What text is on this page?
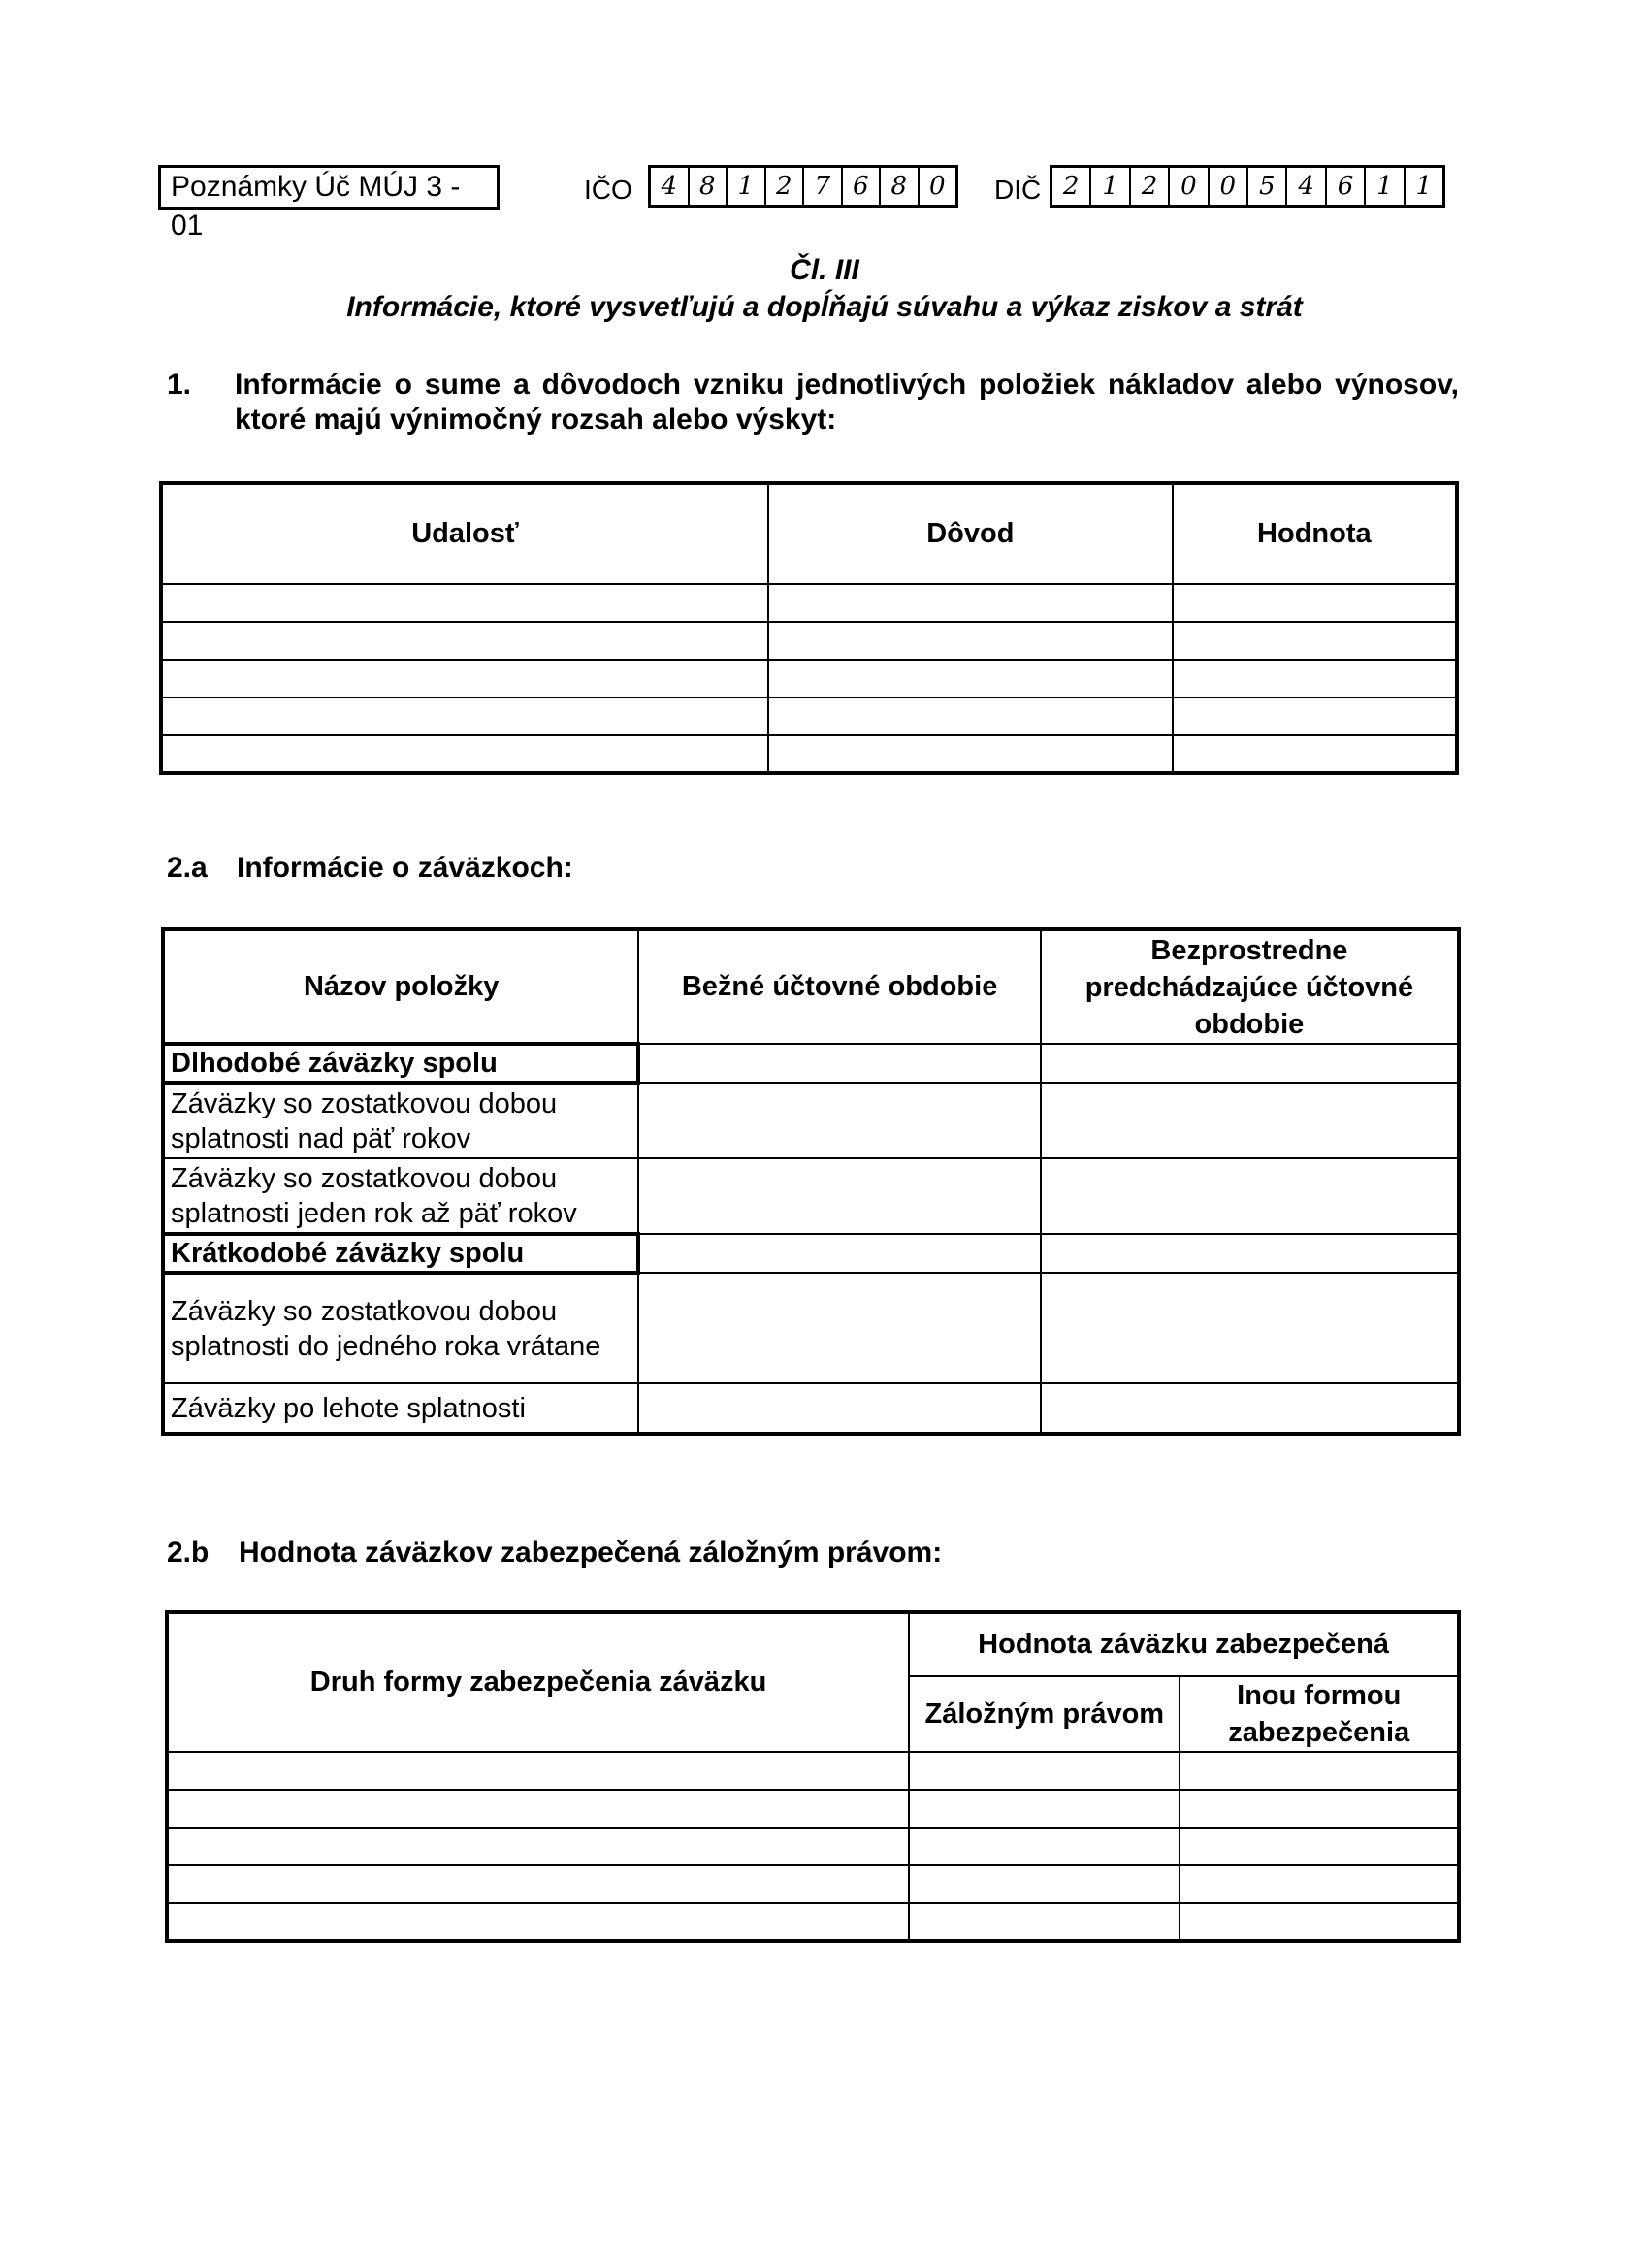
Poznámky Úč MÚJ 3 - 01
IČO	4 8 1 2 7 6 8 0	DIČ 2 1 2 0 0 5 4 6 1 1
Čl. III
Informácie, ktoré vysvetľujú a dopĺňajú súvahu a výkaz ziskov a strát
1. Informácie o sume a dôvodoch vzniku jednotlivých položiek nákladov alebo výnosov,
ktoré majú výnimočný rozsah alebo výskyt:
Udalosť	Dôvod	Hodnota

2.a Informácie o záväzkoch:
Názov položky	Bežné účtovné obdobie	Bezprostredne predchádzajúce účtovné obdobie
Dlhodobé záväzky spolu		

Záväzky so zostatkovou dobou
splatnosti nad päť rokov		

Záväzky so zostatkovou dobou
splatnosti jeden rok až päť rokov		

Krátkodobé záväzky spolu		

Záväzky so zostatkovou dobou
splatnosti do jedného roka vrátane		

Záväzky po lehote splatnosti		
2.b Hodnota záväzkov zabezpečená záložným právom:
Druh formy zabezpečenia záväzku	Hodnota záväzku zabezpečená	
	Záložným právom	Inou formou
zabezpečenia
